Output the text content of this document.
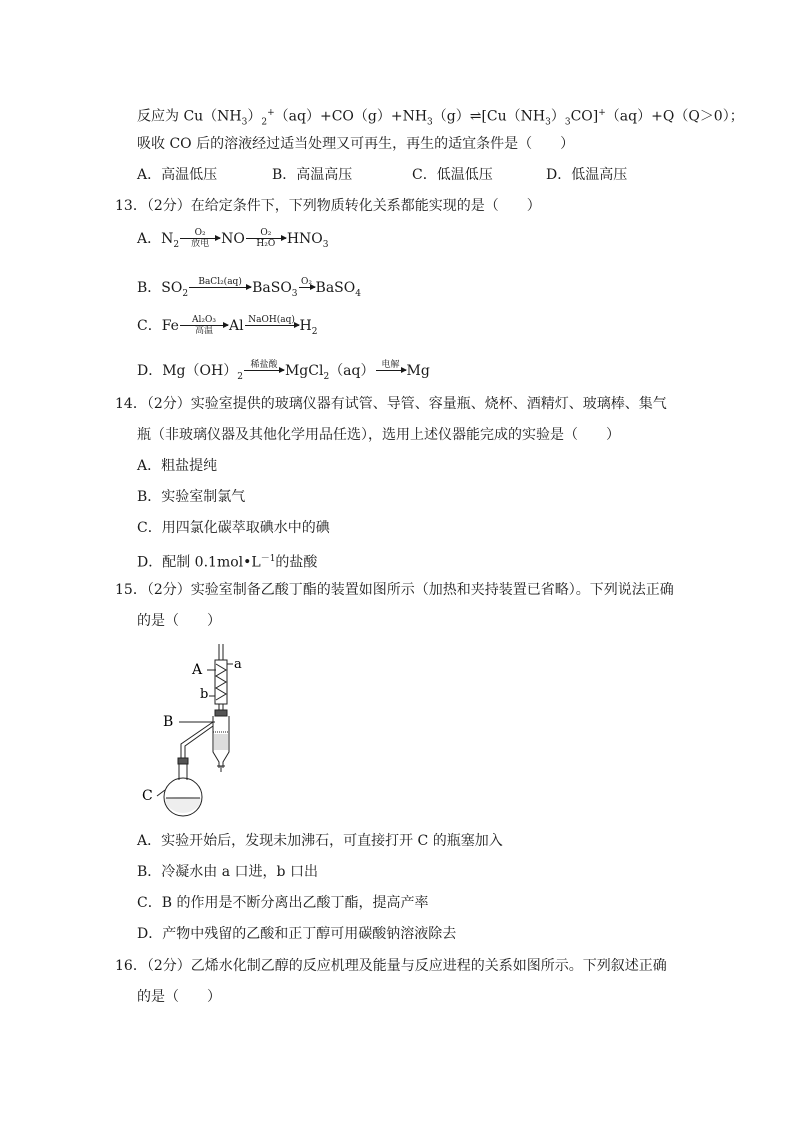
反应为 $Cu(NH_3)_2^+(aq)+CO(g)+NH_3(g)\rightleftharpoons[Cu(NH_3)_3CO]^+(aq)+Q(Q>0)$；
吸收 CO 后的溶液经过适当处理又可再生，再生的适宜条件是（　　）
A．高温低压	B．高温高压	C．低温低压	D．低温高压
13．（2分）在给定条件下，下列物质转化关系都能实现的是（　　）
A．$N_2$
O₂
放电 NO $\frac{\text{O₂}}{\text{H₂O}} HNO_3$
B．$SO_2$
BaCl₂(aq)
BaSO$_3$
O₂
BaSO$_4$
C．Fe	Al₂O₃
高温	Al NaOH(aq)
$H_2$
D．$Mg(OH)_2$
稀盐酸
MgCl$_2$（aq） 电解
Mg
14．（2分）实验室提供的玻璃仪器有试管、导管、容量瓶、烧杯、酒精灯、玻璃棒、集气
瓶（非玻璃仪器及其他化学用品任选），选用上述仪器能完成的实验是（　　）
A．粗盐提纯
B．实验室制氯气
C．用四氯化碳萃取碘水中的碘
D．配制 $0.1mol•L^{-1}$的盐酸
15．（2分）实验室制备乙酸丁酯的装置如图所示（加热和夹持装置已省略）。下列说法正确
的是（　　）
A a
b
B
C
A．实验开始后，发现未加沸石，可直接打开 C 的瓶塞加入
B．冷凝水由 a 口进，b 口出
C．B 的作用是不断分离出乙酸丁酯，提高产率
D．产物中残留的乙酸和正丁醇可用碳酸钠溶液除去
16．（2分）乙烯水化制乙醇的反应机理及能量与反应进程的关系如图所示。下列叙述正确
的是（　　）
